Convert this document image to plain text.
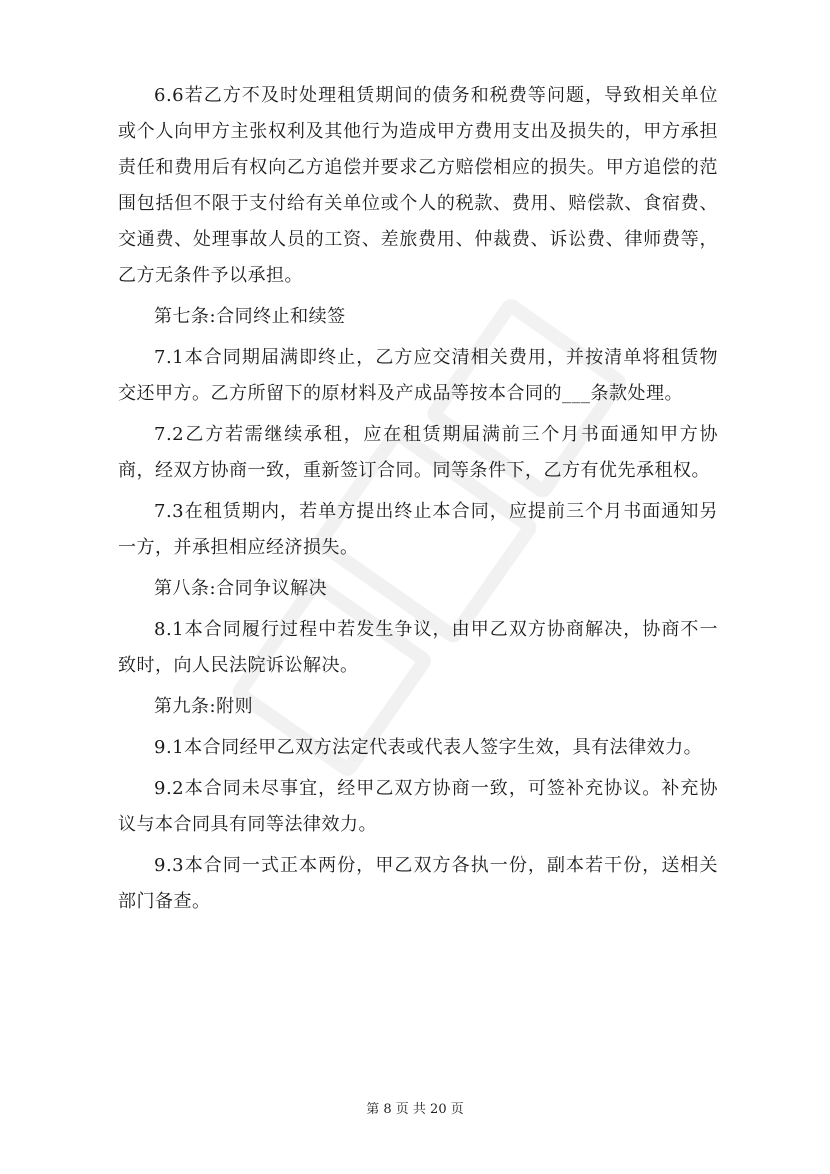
6.6若乙方不及时处理租赁期间的债务和税费等问题，导致相关单位或个人向甲方主张权利及其他行为造成甲方费用支出及损失的，甲方承担责任和费用后有权向乙方追偿并要求乙方赔偿相应的损失。甲方追偿的范围包括但不限于支付给有关单位或个人的税款、费用、赔偿款、食宿费、交通费、处理事故人员的工资、差旅费用、仲裁费、诉讼费、律师费等，乙方无条件予以承担。

第七条:合同终止和续签

7.1本合同期届满即终止，乙方应交清相关费用，并按清单将租赁物交还甲方。乙方所留下的原材料及产成品等按本合同的___条款处理。

7.2乙方若需继续承租，应在租赁期届满前三个月书面通知甲方协商，经双方协商一致，重新签订合同。同等条件下，乙方有优先承租权。

7.3在租赁期内，若单方提出终止本合同，应提前三个月书面通知另一方，并承担相应经济损失。

第八条:合同争议解决

8.1本合同履行过程中若发生争议，由甲乙双方协商解决，协商不一致时，向人民法院诉讼解决。

第九条:附则

9.1本合同经甲乙双方法定代表或代表人签字生效，具有法律效力。

9.2本合同未尽事宜，经甲乙双方协商一致，可签补充协议。补充协议与本合同具有同等法律效力。

9.3本合同一式正本两份，甲乙双方各执一份，副本若干份，送相关部门备查。

第 8 页 共 20 页
